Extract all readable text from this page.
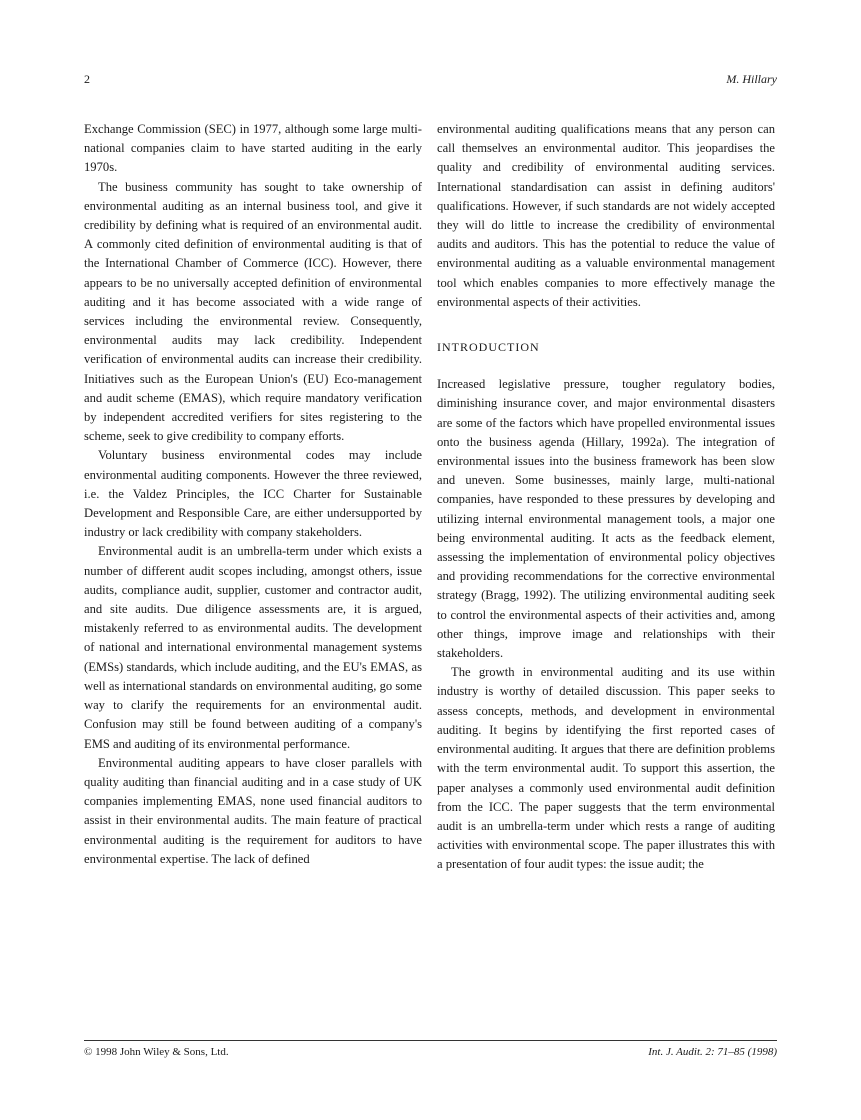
2	M. Hillary

Exchange Commission (SEC) in 1977, although some large multi-national companies claim to have started auditing in the early 1970s.

The business community has sought to take ownership of environmental auditing as an internal business tool, and give it credibility by defining what is required of an environmental audit. A commonly cited definition of environmental auditing is that of the International Chamber of Commerce (ICC). However, there appears to be no universally accepted definition of environmental auditing and it has become associated with a wide range of services including the environmental review. Consequently, environmental audits may lack credibility. Independent verification of environmental audits can increase their credibility. Initiatives such as the European Union's (EU) Eco-management and audit scheme (EMAS), which require mandatory verification by independent accredited verifiers for sites registering to the scheme, seek to give credibility to company efforts.

Voluntary business environmental codes may include environmental auditing components. However the three reviewed, i.e. the Valdez Principles, the ICC Charter for Sustainable Development and Responsible Care, are either undersupported by industry or lack credibility with company stakeholders.

Environmental audit is an umbrella-term under which exists a number of different audit scopes including, amongst others, issue audits, compliance audit, supplier, customer and contractor audit, and site audits. Due diligence assessments are, it is argued, mistakenly referred to as environmental audits. The development of national and international environmental management systems (EMSs) standards, which include auditing, and the EU's EMAS, as well as international standards on environmental auditing, go some way to clarify the requirements for an environmental audit. Confusion may still be found between auditing of a company's EMS and auditing of its environmental performance.

Environmental auditing appears to have closer parallels with quality auditing than financial auditing and in a case study of UK companies implementing EMAS, none used financial auditors to assist in their environmental audits. The main feature of practical environmental auditing is the requirement for auditors to have environmental expertise. The lack of defined

environmental auditing qualifications means that any person can call themselves an environmental auditor. This jeopardises the quality and credibility of environmental auditing services. International standardisation can assist in defining auditors' qualifications. However, if such standards are not widely accepted they will do little to increase the credibility of environmental audits and auditors. This has the potential to reduce the value of environmental auditing as a valuable environmental management tool which enables companies to more effectively manage the environmental aspects of their activities.

INTRODUCTION

Increased legislative pressure, tougher regulatory bodies, diminishing insurance cover, and major environmental disasters are some of the factors which have propelled environmental issues onto the business agenda (Hillary, 1992a). The integration of environmental issues into the business framework has been slow and uneven. Some businesses, mainly large, multi-national companies, have responded to these pressures by developing and utilizing internal environmental management tools, a major one being environmental auditing. It acts as the feedback element, assessing the implementation of environmental policy objectives and providing recommendations for the corrective environmental strategy (Bragg, 1992). The utilizing environmental auditing seek to control the environmental aspects of their activities and, among other things, improve image and relationships with their stakeholders.

The growth in environmental auditing and its use within industry is worthy of detailed discussion. This paper seeks to assess concepts, methods, and development in environmental auditing. It begins by identifying the first reported cases of environmental auditing. It argues that there are definition problems with the term environmental audit. To support this assertion, the paper analyses a commonly used environmental audit definition from the ICC. The paper suggests that the term environmental audit is an umbrella-term under which rests a range of auditing activities with environmental scope. The paper illustrates this with a presentation of four audit types: the issue audit; the

© 1998 John Wiley & Sons, Ltd.	Int. J. Audit. 2: 71–85 (1998)
